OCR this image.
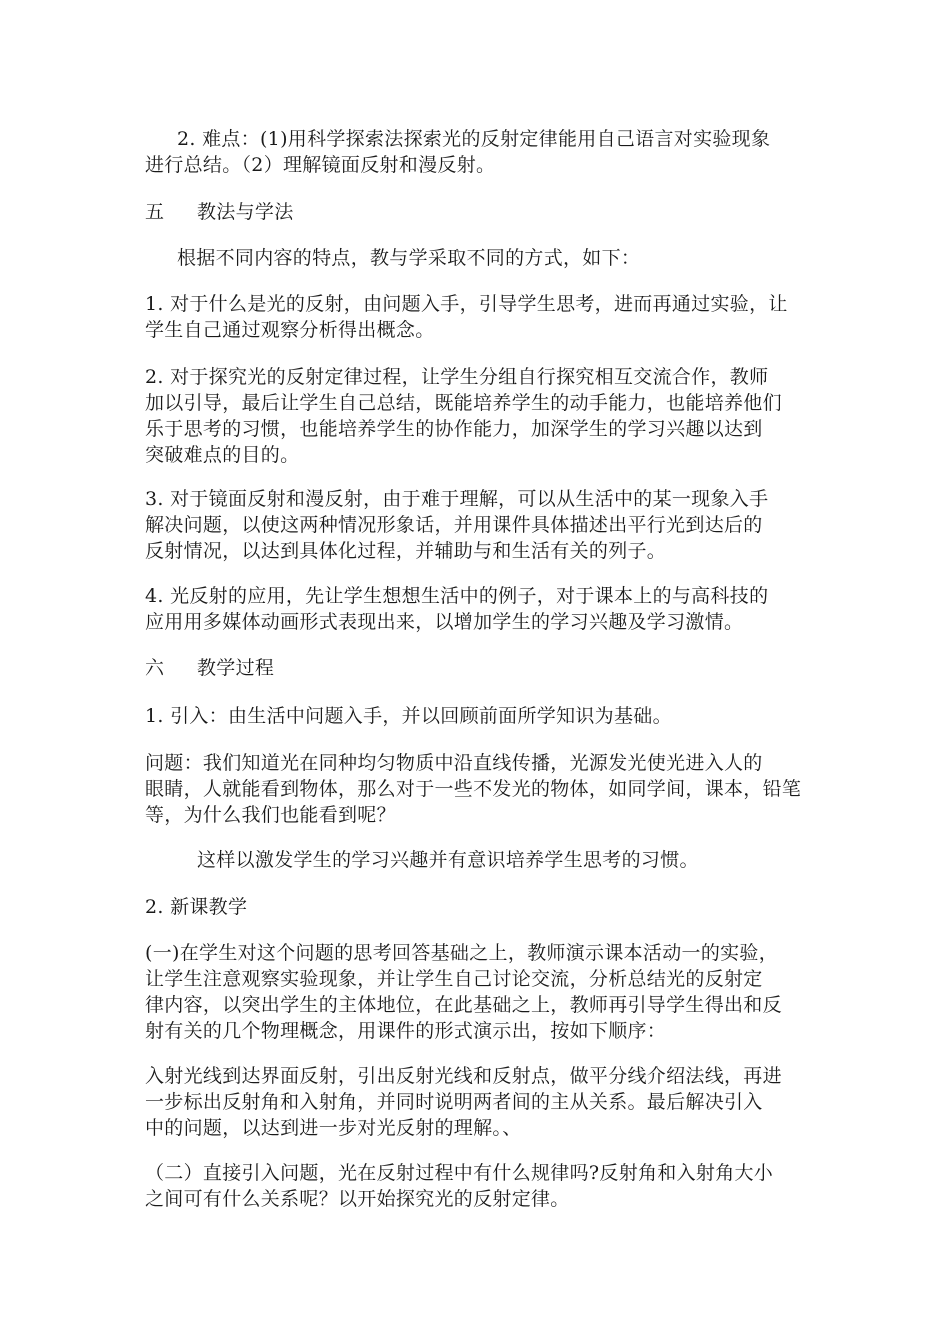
2. 难点：(1)用科学探索法探索光的反射定律能用自己语言对实验现象
进行总结。（2）理解镜面反射和漫反射。

五 教法与学法

根据不同内容的特点，教与学采取不同的方式，如下：

1. 对于什么是光的反射，由问题入手，引导学生思考，进而再通过实验，让
学生自己通过观察分析得出概念。

2. 对于探究光的反射定律过程，让学生分组自行探究相互交流合作，教师
加以引导，最后让学生自己总结，既能培养学生的动手能力，也能培养他们
乐于思考的习惯，也能培养学生的协作能力，加深学生的学习兴趣以达到
突破难点的目的。

3. 对于镜面反射和漫反射，由于难于理解，可以从生活中的某一现象入手
解决问题，以使这两种情况形象话，并用课件具体描述出平行光到达后的
反射情况，以达到具体化过程，并辅助与和生活有关的列子。

4. 光反射的应用，先让学生想想生活中的例子，对于课本上的与高科技的
应用用多媒体动画形式表现出来，以增加学生的学习兴趣及学习激情。

六 教学过程

1. 引入：由生活中问题入手，并以回顾前面所学知识为基础。

问题：我们知道光在同种均匀物质中沿直线传播，光源发光使光进入人的
眼睛，人就能看到物体，那么对于一些不发光的物体，如同学间，课本，铅笔
等，为什么我们也能看到呢？

这样以激发学生的学习兴趣并有意识培养学生思考的习惯。

2. 新课教学

(一)在学生对这个问题的思考回答基础之上，教师演示课本活动一的实验，
让学生注意观察实验现象，并让学生自己讨论交流，分析总结光的反射定
律内容，以突出学生的主体地位，在此基础之上，教师再引导学生得出和反
射有关的几个物理概念，用课件的形式演示出，按如下顺序：

入射光线到达界面反射，引出反射光线和反射点，做平分线介绍法线，再进
一步标出反射角和入射角，并同时说明两者间的主从关系。最后解决引入
中的问题，以达到进一步对光反射的理解。、

（二）直接引入问题，光在反射过程中有什么规律吗?反射角和入射角大小
之间可有什么关系呢？以开始探究光的反射定律。
